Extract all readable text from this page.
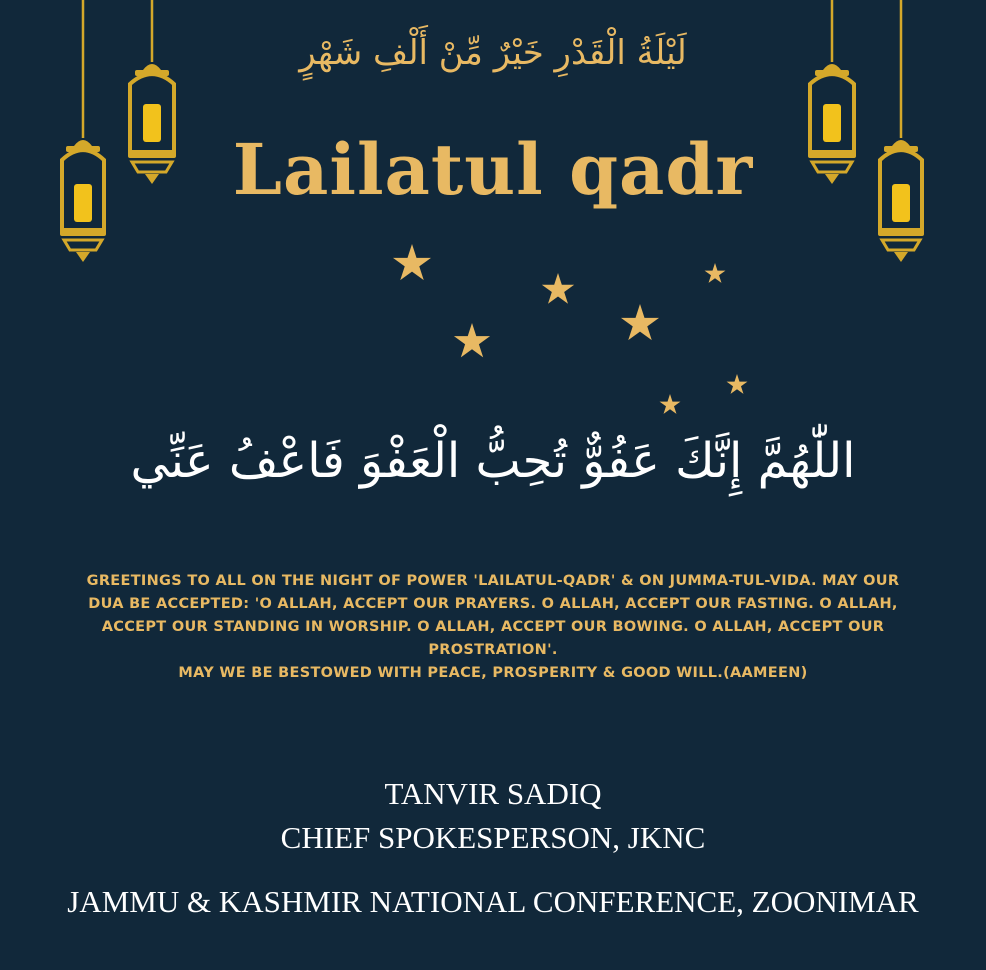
لَيْلَةُ الْقَدْرِ خَيْرٌ مِّنْ أَلْفِ شَهْرٍ
Lailatul qadr
اللّٰهُمَّ إِنَّكَ عَفُوٌّ تُحِبُّ الْعَفْوَ فَاعْفُ عَنِّي
GREETINGS TO ALL ON THE NIGHT OF POWER 'LAILATUL-QADR' & ON JUMMA-TUL-VIDA. MAY OUR
DUA BE ACCEPTED: 'O ALLAH, ACCEPT OUR PRAYERS. O ALLAH, ACCEPT OUR FASTING. O ALLAH,
ACCEPT OUR STANDING IN WORSHIP. O ALLAH, ACCEPT OUR BOWING. O ALLAH, ACCEPT OUR
PROSTRATION'.
MAY WE BE BESTOWED WITH PEACE, PROSPERITY & GOOD WILL.(AAMEEN)
TANVIR SADIQ
CHIEF SPOKESPERSON, JKNC
JAMMU & KASHMIR NATIONAL CONFERENCE, ZOONIMAR
